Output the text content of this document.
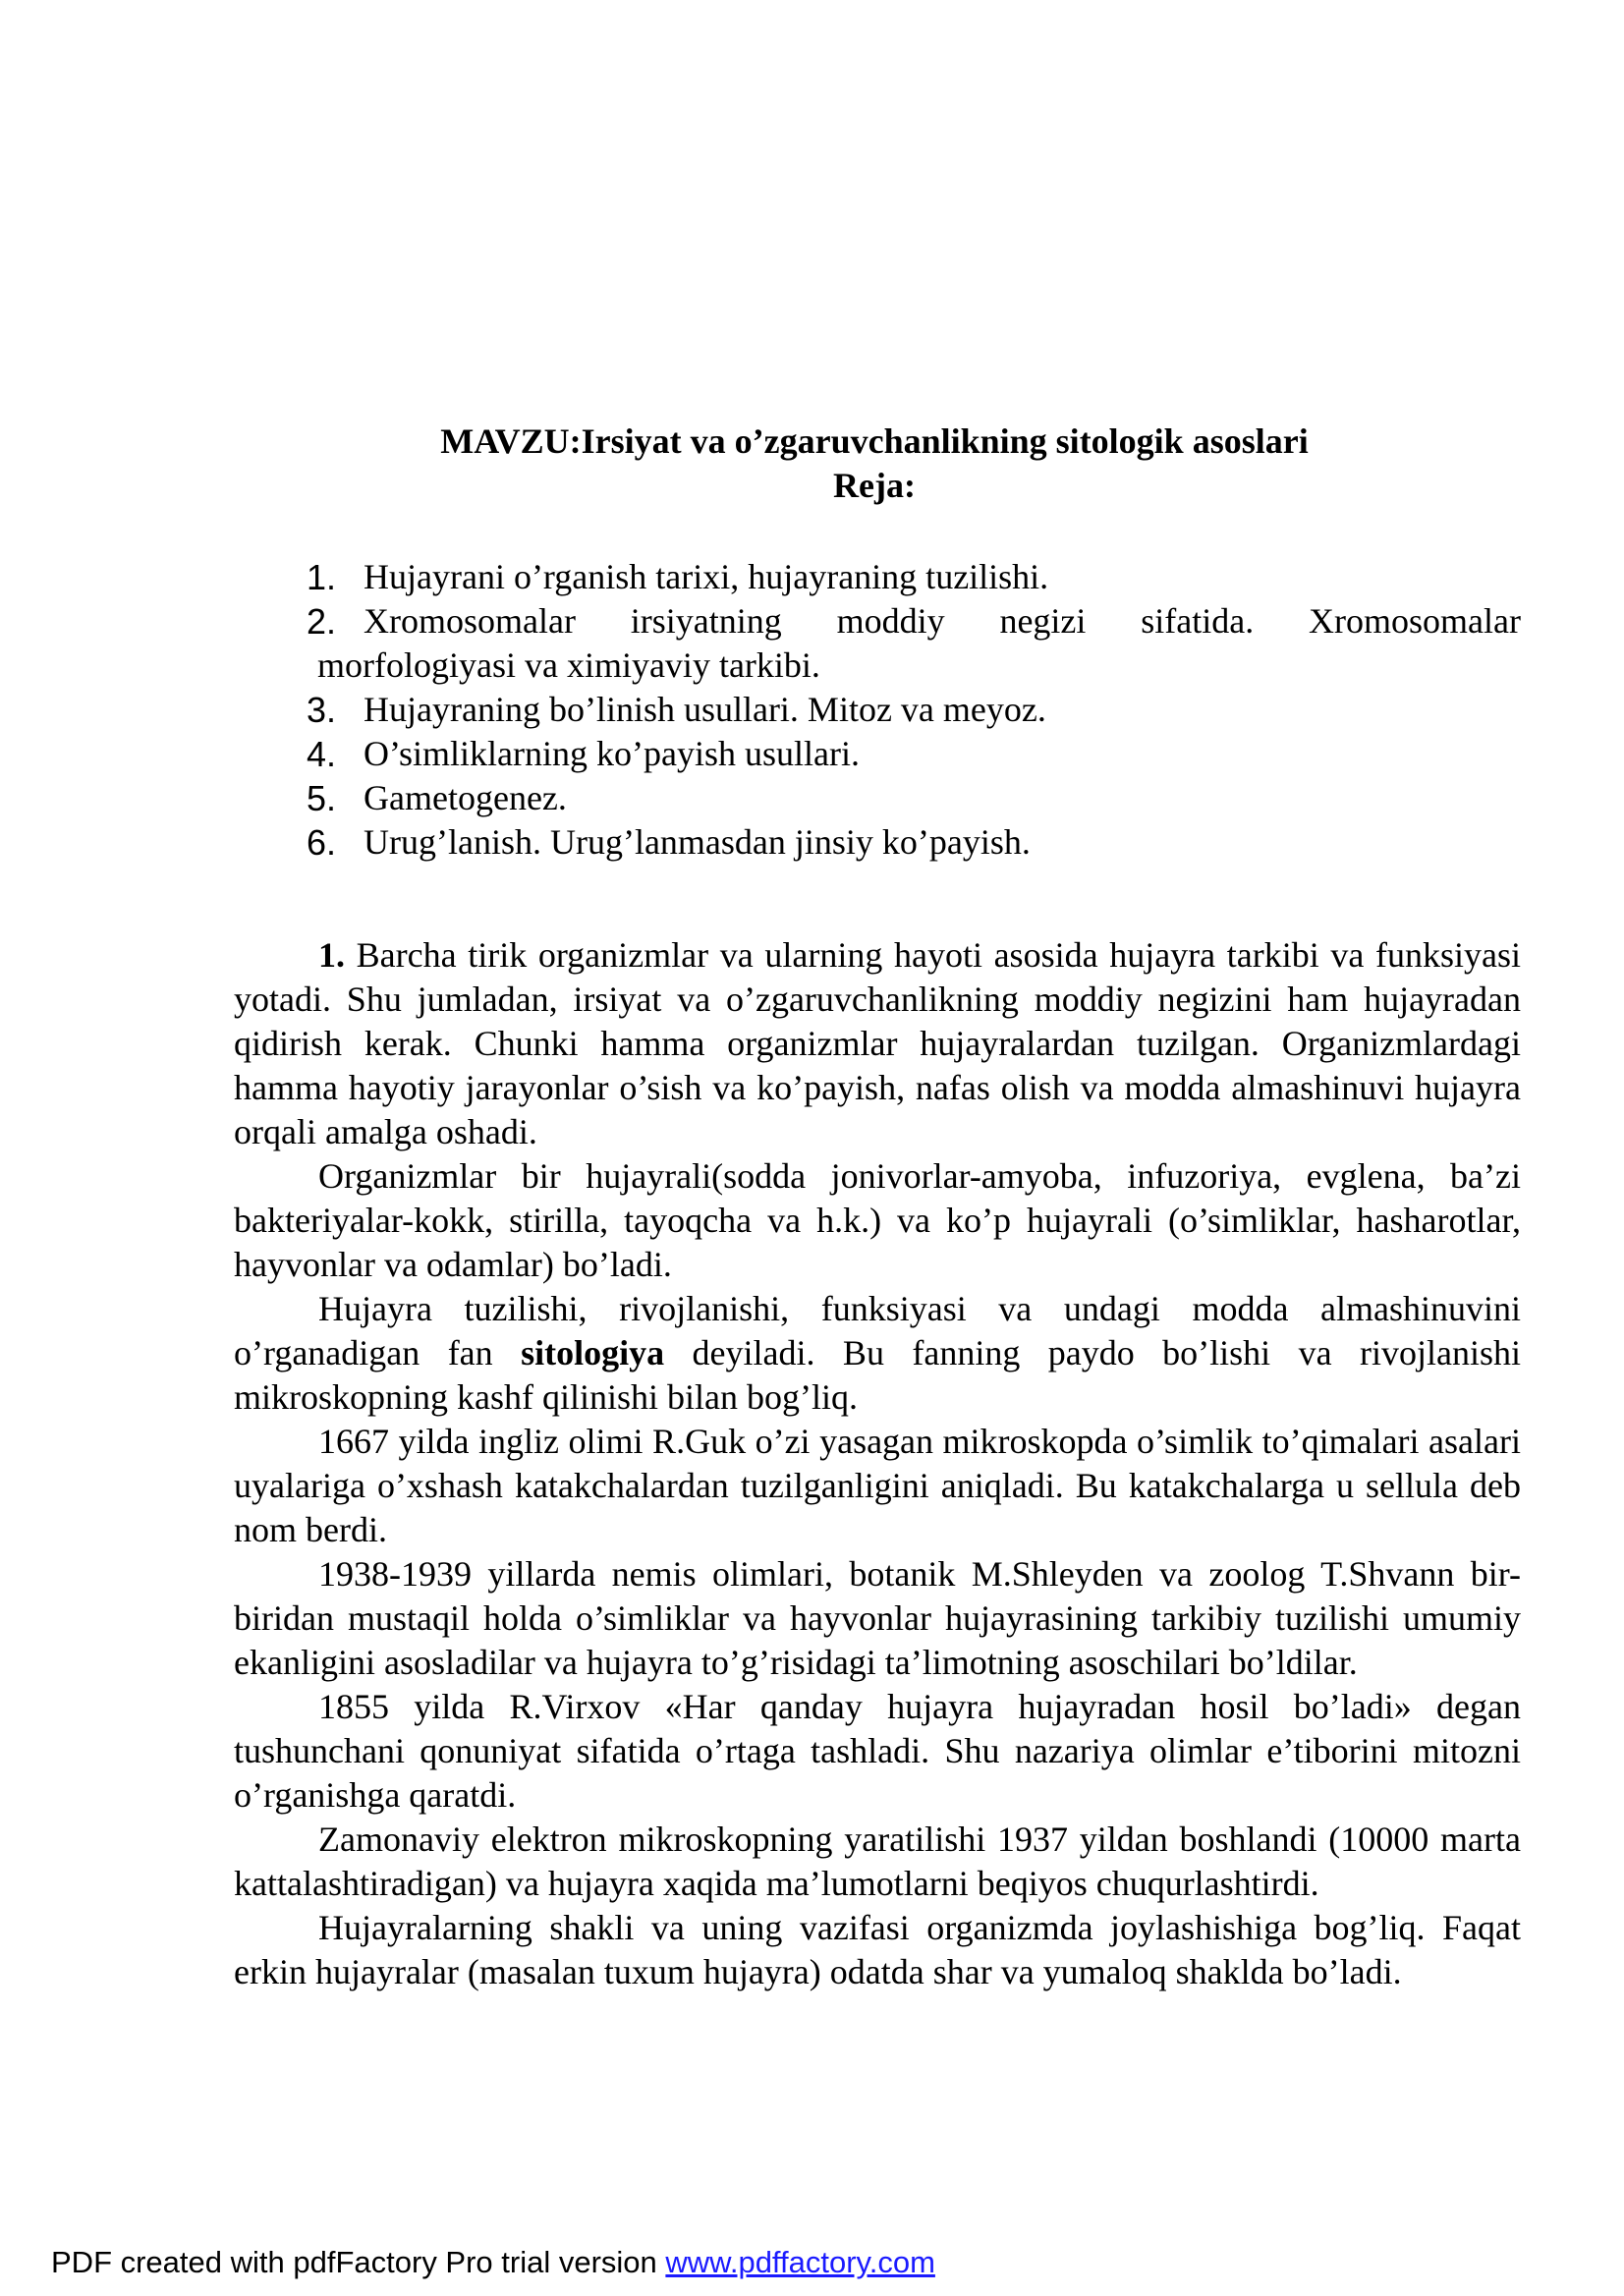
MAVZU:Irsiyat va o’zgaruvchanlikning sitologik asoslari
Reja:
1. Hujayrani o’rganish tarixi, hujayraning tuzilishi.
2. Xromosomalar irsiyatning moddiy negizi sifatida. Xromosomalar
morfologiyasi va ximiyaviy tarkibi.
3. Hujayraning bo’linish usullari. Mitoz va meyoz.
4. O’simliklarning ko’payish usullari.
5. Gametogenez.
6. Urug’lanish. Urug’lanmasdan jinsiy ko’payish.

1. Barcha tirik organizmlar va ularning hayoti asosida hujayra tarkibi va funksiyasi yotadi. Shu jumladan, irsiyat va o’zgaruvchanlikning moddiy negizini ham hujayradan qidirish kerak. Chunki hamma organizmlar hujayralardan tuzilgan. Organizmlardagi hamma hayotiy jarayonlar o’sish va ko’payish, nafas olish va modda almashinuvi hujayra orqali amalga oshadi.

Organizmlar bir hujayrali(sodda jonivorlar-amyoba, infuzoriya, evglena, ba’zi bakteriyalar-kokk, stirilla, tayoqcha va h.k.) va ko’p hujayrali (o’simliklar, hasharotlar, hayvonlar va odamlar) bo’ladi.

Hujayra tuzilishi, rivojlanishi, funksiyasi va undagi modda almashinuvini o’rganadigan fan sitologiya deyiladi. Bu fanning paydo bo’lishi va rivojlanishi mikroskopning kashf qilinishi bilan bog’liq.

1667 yilda ingliz olimi R.Guk o’zi yasagan mikroskopda o’simlik to’qimalari asalari uyalariga o’xshash katakchalardan tuzilganligini aniqladi. Bu katakchalarga u sellula deb nom berdi.

1938-1939 yillarda nemis olimlari, botanik M.Shleyden va zoolog T.Shvann bir-biridan mustaqil holda o’simliklar va hayvonlar hujayrasining tarkibiy tuzilishi umumiy ekanligini asosladilar va hujayra to’g’risidagi ta’limotning asoschilari bo’ldilar.

1855 yilda R.Virxov «Har qanday hujayra hujayradan hosil bo’ladi» degan tushunchani qonuniyat sifatida o’rtaga tashladi. Shu nazariya olimlar e’tiborini mitozni o’rganishga qaratdi.

Zamonaviy elektron mikroskopning yaratilishi 1937 yildan boshlandi (10000 marta kattalashtiradigan) va hujayra xaqida ma’lumotlarni beqiyos chuqurlashtirdi.

Hujayralarning shakli va uning vazifasi organizmda joylashishiga bog’liq. Faqat erkin hujayralar (masalan tuxum hujayra) odatda shar va yumaloq shaklda bo’ladi.

PDF created with pdfFactory Pro trial version www.pdffactory.com
